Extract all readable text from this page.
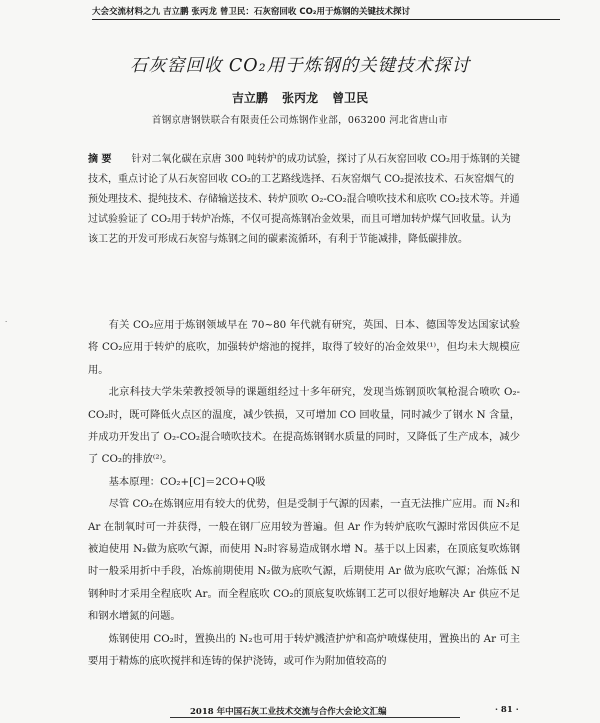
大会交流材料之九 吉立鹏 张丙龙 曾卫民：石灰窑回收 CO₂用于炼钢的关键技术探讨
石灰窑回收 CO₂用于炼钢的关键技术探讨
吉立鹏 张丙龙 曾卫民
首钢京唐钢铁联合有限责任公司炼钢作业部，063200 河北省唐山市
摘 要 针对二氧化碳在京唐 300 吨转炉的成功试验，探讨了从石灰窑回收 CO₂用于炼钢的关键技术，重点讨论了从石灰窑回收 CO₂的工艺路线选择、石灰窑烟气 CO₂提浓技术、石灰窑烟气的预处理技术、提纯技术、存储输送技术、转炉顶吹 O₂-CO₂混合喷吹技术和底吹 CO₂技术等。并通过试验验证了 CO₂用于转炉冶炼，不仅可提高炼钢冶金效果，而且可增加转炉煤气回收量。认为该工艺的开发可形成石灰窑与炼钢之间的碳素流循环，有利于节能减排，降低碳排放。
·	有关 CO₂应用于炼钢领域早在 70~80 年代就有研究，英国、日本、德国等发达国家试验将 CO₂应用于转炉的底吹，加强转炉熔池的搅拌，取得了较好的冶金效果⁽¹⁾，但均未大规模应用。

北京科技大学朱荣教授领导的课题组经过十多年研究，发现当炼钢顶吹氧枪混合喷吹 O₂-CO₂时，既可降低火点区的温度，减少铁损，又可增加 CO 回收量，同时减少了钢水 N 含量，并成功开发出了 O₂-CO₂混合喷吹技术。在提高炼钢钢水质量的同时，又降低了生产成本，减少了 CO₂的排放⁽²⁾。

基本原理：CO₂+[C]＝2CO+Q吸

尽管 CO₂在炼钢应用有较大的优势，但是受制于气源的因素，一直无法推广应用。而 N₂和 Ar 在制氧时可一并获得，一般在钢厂应用较为普遍。但 Ar 作为转炉底吹气源时常因供应不足被迫使用 N₂做为底吹气源，而使用 N₂时容易造成钢水增 N。基于以上因素，在顶底复吹炼钢时一般采用折中手段，冶炼前期使用 N₂做为底吹气源，后期使用 Ar 做为底吹气源；冶炼低 N 钢种时才采用全程底吹 Ar。而全程底吹 CO₂的顶底复吹炼钢工艺可以很好地解决 Ar 供应不足和钢水增氮的问题。

炼钢使用 CO₂时，置换出的 N₂也可用于转炉溅渣护炉和高炉喷煤使用，置换出的 Ar 可主要用于精炼的底吹搅拌和连铸的保护浇铸，或可作为附加值较高的

2018 年中国石灰工业技术交流与合作大会论文汇编	· 81 ·
